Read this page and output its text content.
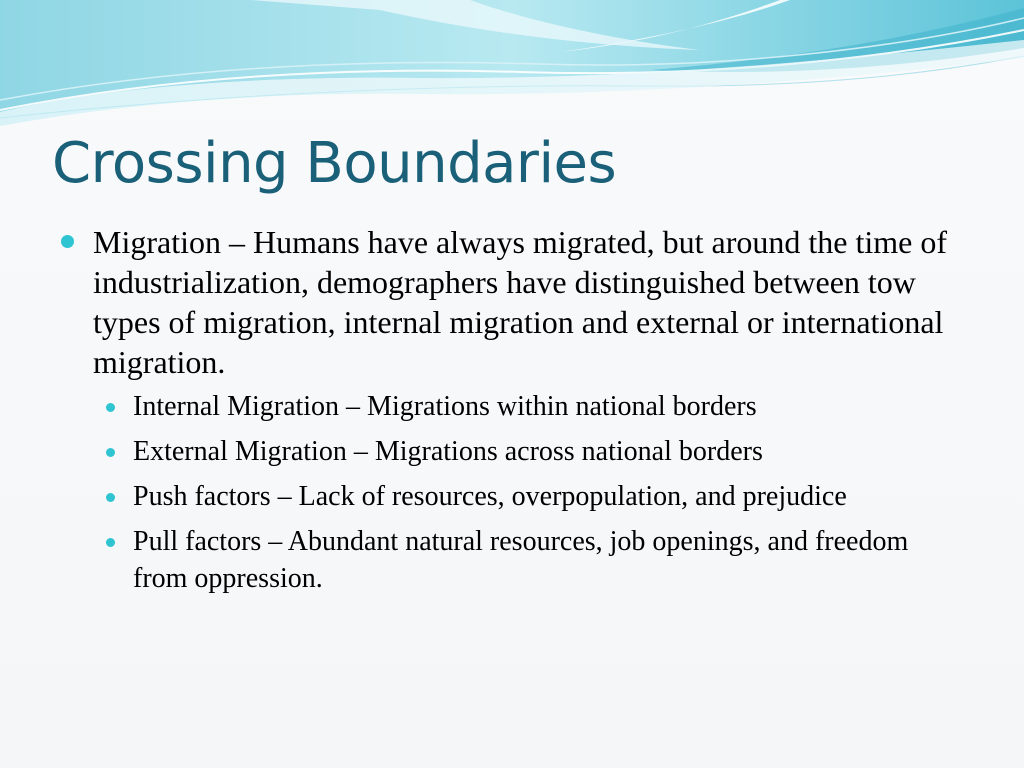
Crossing Boundaries
Migration – Humans have always migrated, but around the time of industrialization, demographers have distinguished between tow types of migration, internal migration and external or international migration.
Internal Migration – Migrations within national borders
External Migration – Migrations across national borders
Push factors – Lack of resources, overpopulation, and prejudice
Pull factors – Abundant natural resources, job openings, and freedom from oppression.
